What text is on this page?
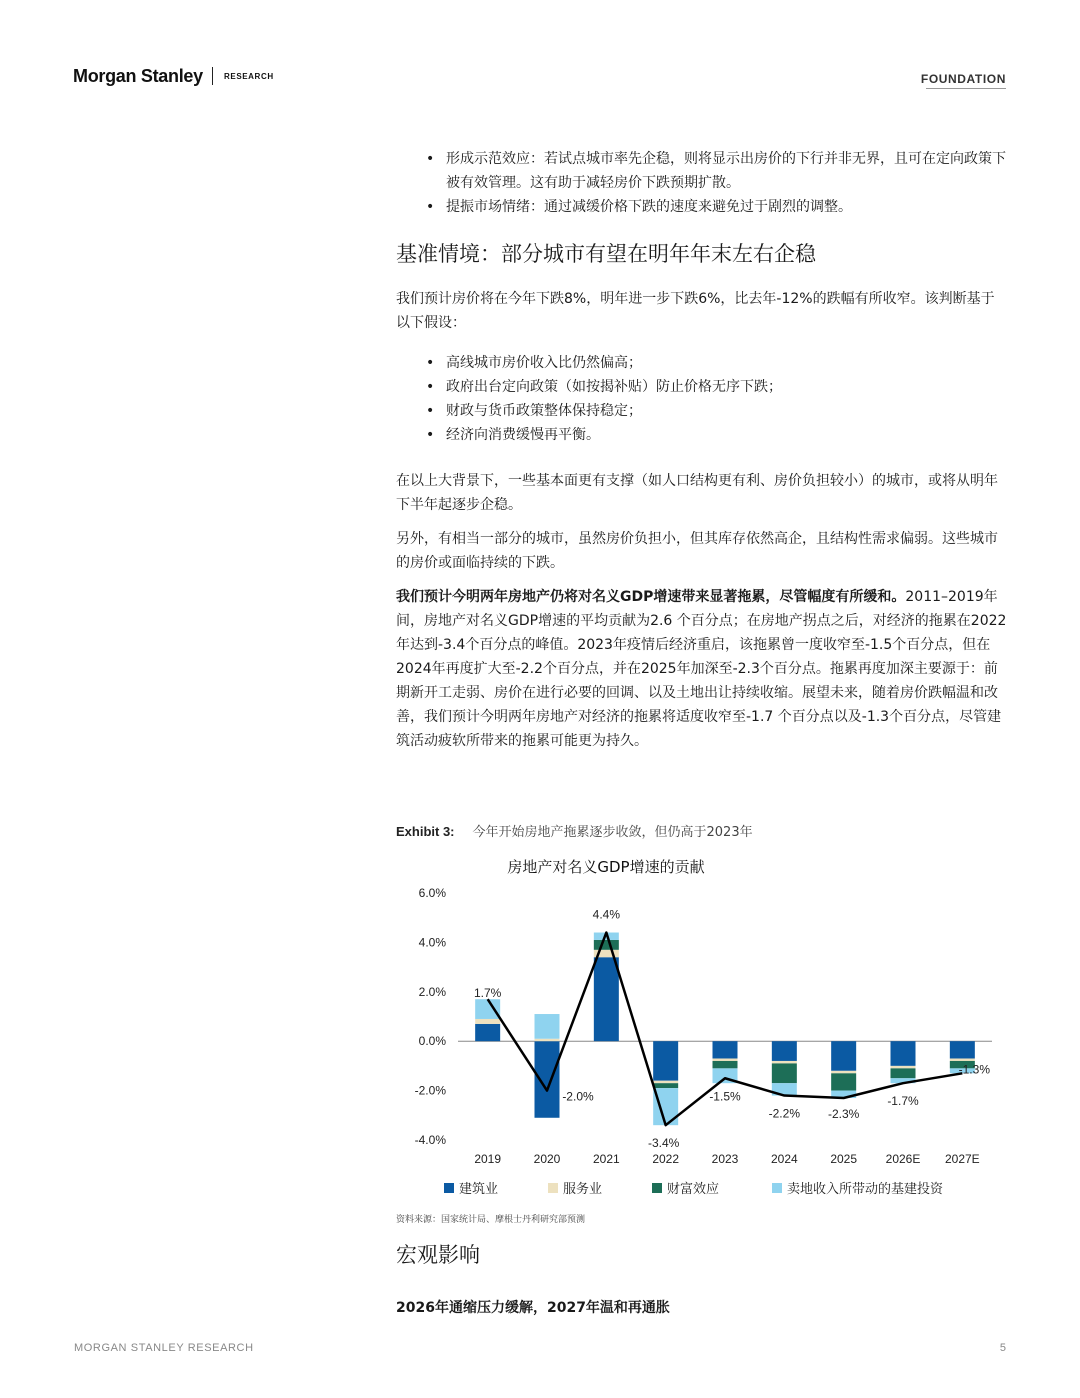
Morgan Stanley	RESEARCH	FOUNDATION
• 形成示范效应：若试点城市率先企稳，则将显示出房价的下行并非无界，且可在定向政策下被有效管理。这有助于减轻房价下跌预期扩散。
• 提振市场情绪：通过减缓价格下跌的速度来避免过于剧烈的调整。
基准情境：部分城市有望在明年年末左右企稳

我们预计房价将在今年下跌8%，明年进一步下跌6%，比去年-12%的跌幅有所收窄。该判断基于以下假设：

• 高线城市房价收入比仍然偏高；
• 政府出台定向政策（如按揭补贴）防止价格无序下跌；
• 财政与货币政策整体保持稳定；
• 经济向消费缓慢再平衡。

在以上大背景下，一些基本面更有支撑（如人口结构更有利、房价负担较小）的城市，或将从明年下半年起逐步企稳。

另外，有相当一部分的城市，虽然房价负担小，但其库存依然高企，且结构性需求偏弱。这些城市的房价或面临持续的下跌。

我们预计今明两年房地产仍将对名义GDP增速带来显著拖累，尽管幅度有所缓和。2011–2019年间，房地产对名义GDP增速的平均贡献为2.6 个百分点；在房地产拐点之后，对经济的拖累在2022年达到-3.4个百分点的峰值。2023年疫情后经济重启，该拖累曾一度收窄至-1.5个百分点，但在2024年再度扩大至-2.2个百分点，并在2025年加深至-2.3个百分点。拖累再度加深主要源于：前期新开工走弱、房价在进行必要的回调、以及土地出让持续收缩。展望未来，随着房价跌幅温和改善，我们预计今明两年房地产对经济的拖累将适度收窄至-1.7 个百分点以及-1.3个百分点，尽管建筑活动疲软所带来的拖累可能更为持久。

Exhibit 3: 今年开始房地产拖累逐步收敛，但仍高于2023年
房地产对名义GDP增速的贡献
6.0%
4.0%
2.0%
0.0%
-2.0%
-4.0%
1.7%
-2.0%
4.4%
-3.4%
-1.5%
-2.2% -2.3%
-1.7%
-1.3%
2019	2020	2021	2022	2023	2024	2025 2026E 2027E
建筑业	服务业	财富效应	卖地收入所带动的基建投资
资料来源：国家统计局、摩根士丹利研究部预测
宏观影响
2026年通缩压力缓解，2027年温和再通胀
MORGAN STANLEY RESEARCH	5
